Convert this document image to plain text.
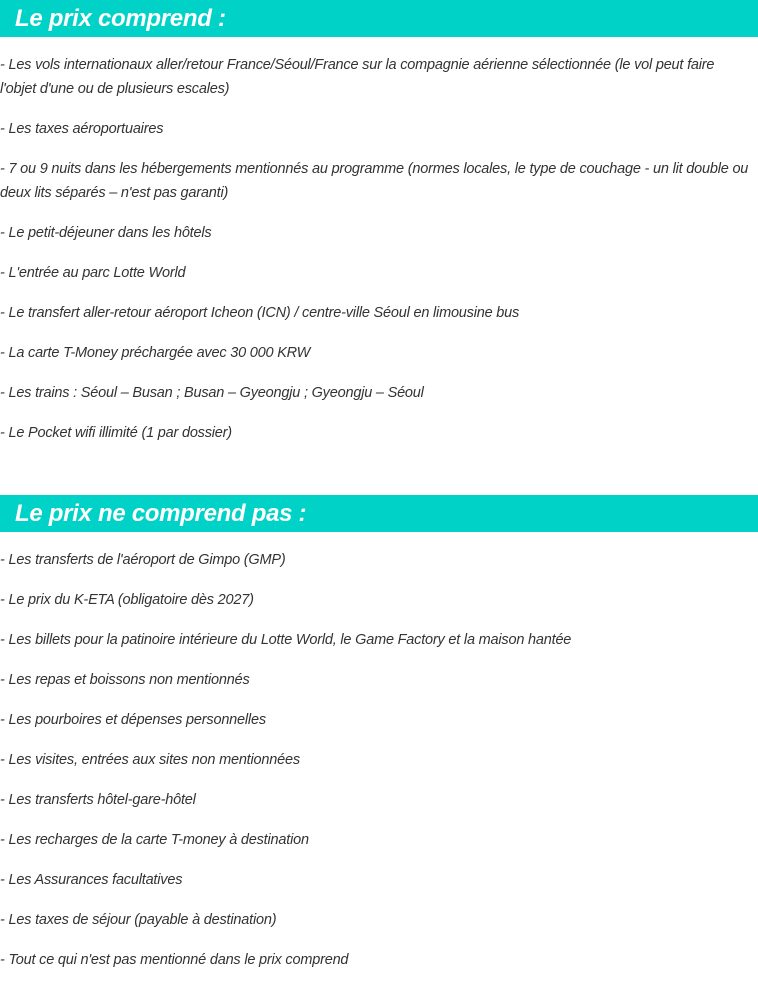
Le prix comprend :
- Les vols internationaux aller/retour France/Séoul/France sur la compagnie aérienne sélectionnée (le vol peut faire l'objet d'une ou de plusieurs escales)
- Les taxes aéroportuaires
- 7 ou 9 nuits dans les hébergements mentionnés au programme (normes locales, le type de couchage - un lit double ou deux lits séparés – n'est pas garanti)
- Le petit-déjeuner dans les hôtels
- L'entrée au parc Lotte World
- Le transfert aller-retour aéroport Icheon (ICN) / centre-ville Séoul en limousine bus
- La carte T-Money préchargée avec 30 000 KRW
- Les trains : Séoul – Busan ; Busan – Gyeongju ; Gyeongju – Séoul
- Le Pocket wifi illimité (1 par dossier)
Le prix ne comprend pas :
- Les transferts de l'aéroport de Gimpo (GMP)
- Le prix du K-ETA (obligatoire dès 2027)
- Les billets pour la patinoire intérieure du Lotte World, le Game Factory et la maison hantée
- Les repas et boissons non mentionnés
- Les pourboires et dépenses personnelles
- Les visites, entrées aux sites non mentionnées
- Les transferts hôtel-gare-hôtel
- Les recharges de la carte T-money à destination
- Les Assurances facultatives
- Les taxes de séjour (payable à destination)
- Tout ce qui n'est pas mentionné dans le prix comprend
